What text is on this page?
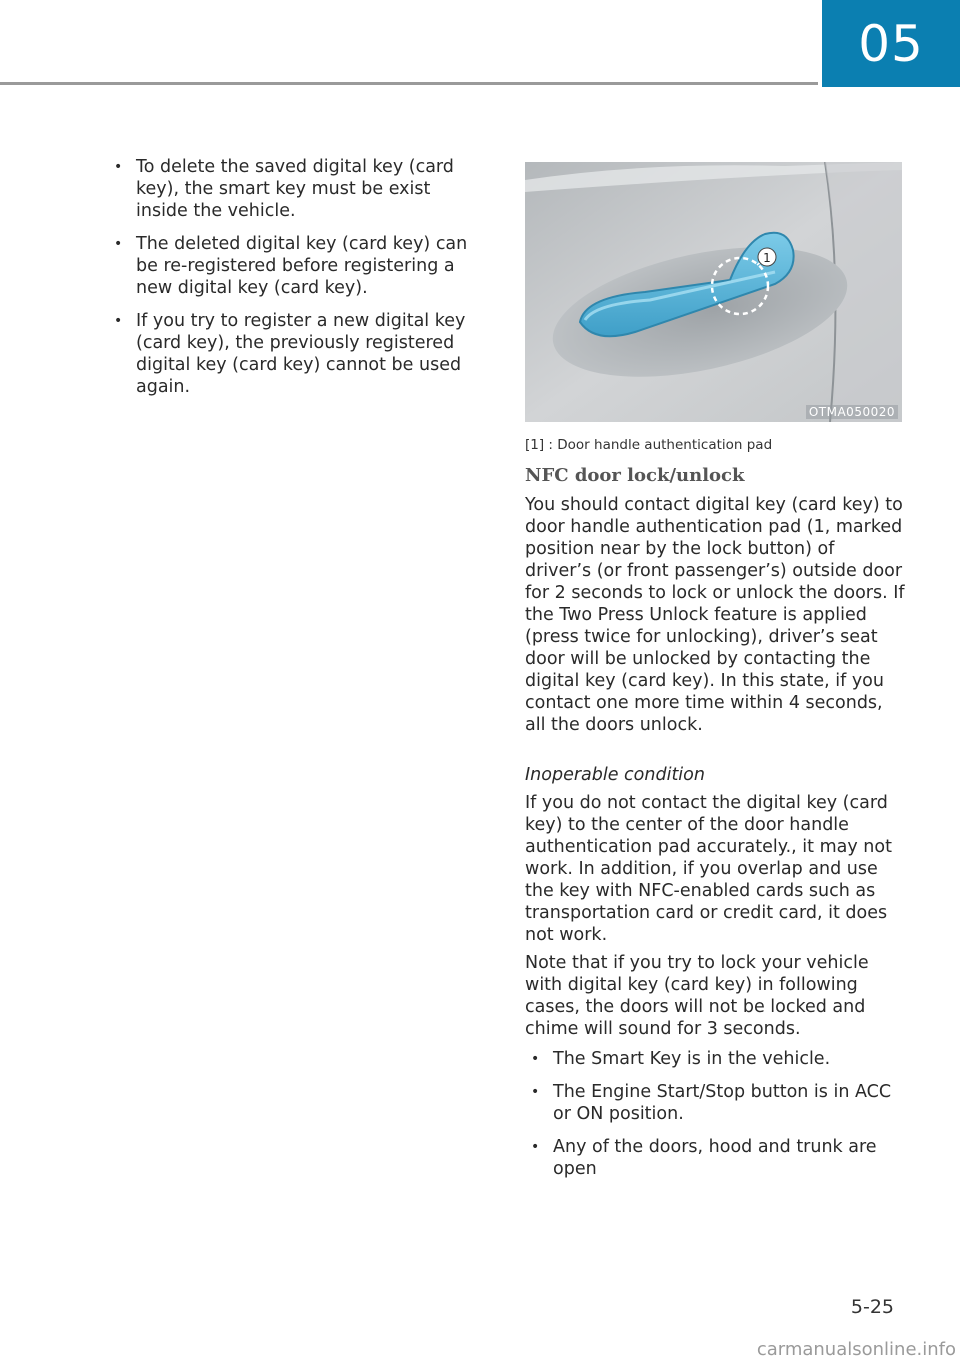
05
• To delete the saved digital key (card key), the smart key must be exist inside the vehicle.
• The deleted digital key (card key) can be re-registered before registering a new digital key (card key).
• If you try to register a new digital key (card key), the previously registered digital key (card key) cannot be used again.
1
OTMA050020
[1] : Door handle authentication pad
NFC door lock/unlock

You should contact digital key (card key) to door handle authentication pad (1, marked position near by the lock button) of driver’s (or front passenger’s) outside door for 2 seconds to lock or unlock the doors. If the Two Press Unlock feature is applied (press twice for unlocking), driver’s seat door will be unlocked by contacting the digital key (card key). In this state, if you contact one more time within 4 seconds, all the doors unlock.

Inoperable condition

If you do not contact the digital key (card key) to the center of the door handle authentication pad accurately., it may not work. In addition, if you overlap and use the key with NFC-enabled cards such as transportation card or credit card, it does not work.

Note that if you try to lock your vehicle with digital key (card key) in following cases, the doors will not be locked and chime will sound for 3 seconds.

• The Smart Key is in the vehicle.
• The Engine Start/Stop button is in ACC or ON position.
• Any of the doors, hood and trunk are open
5-25
carmanualsonline.info
